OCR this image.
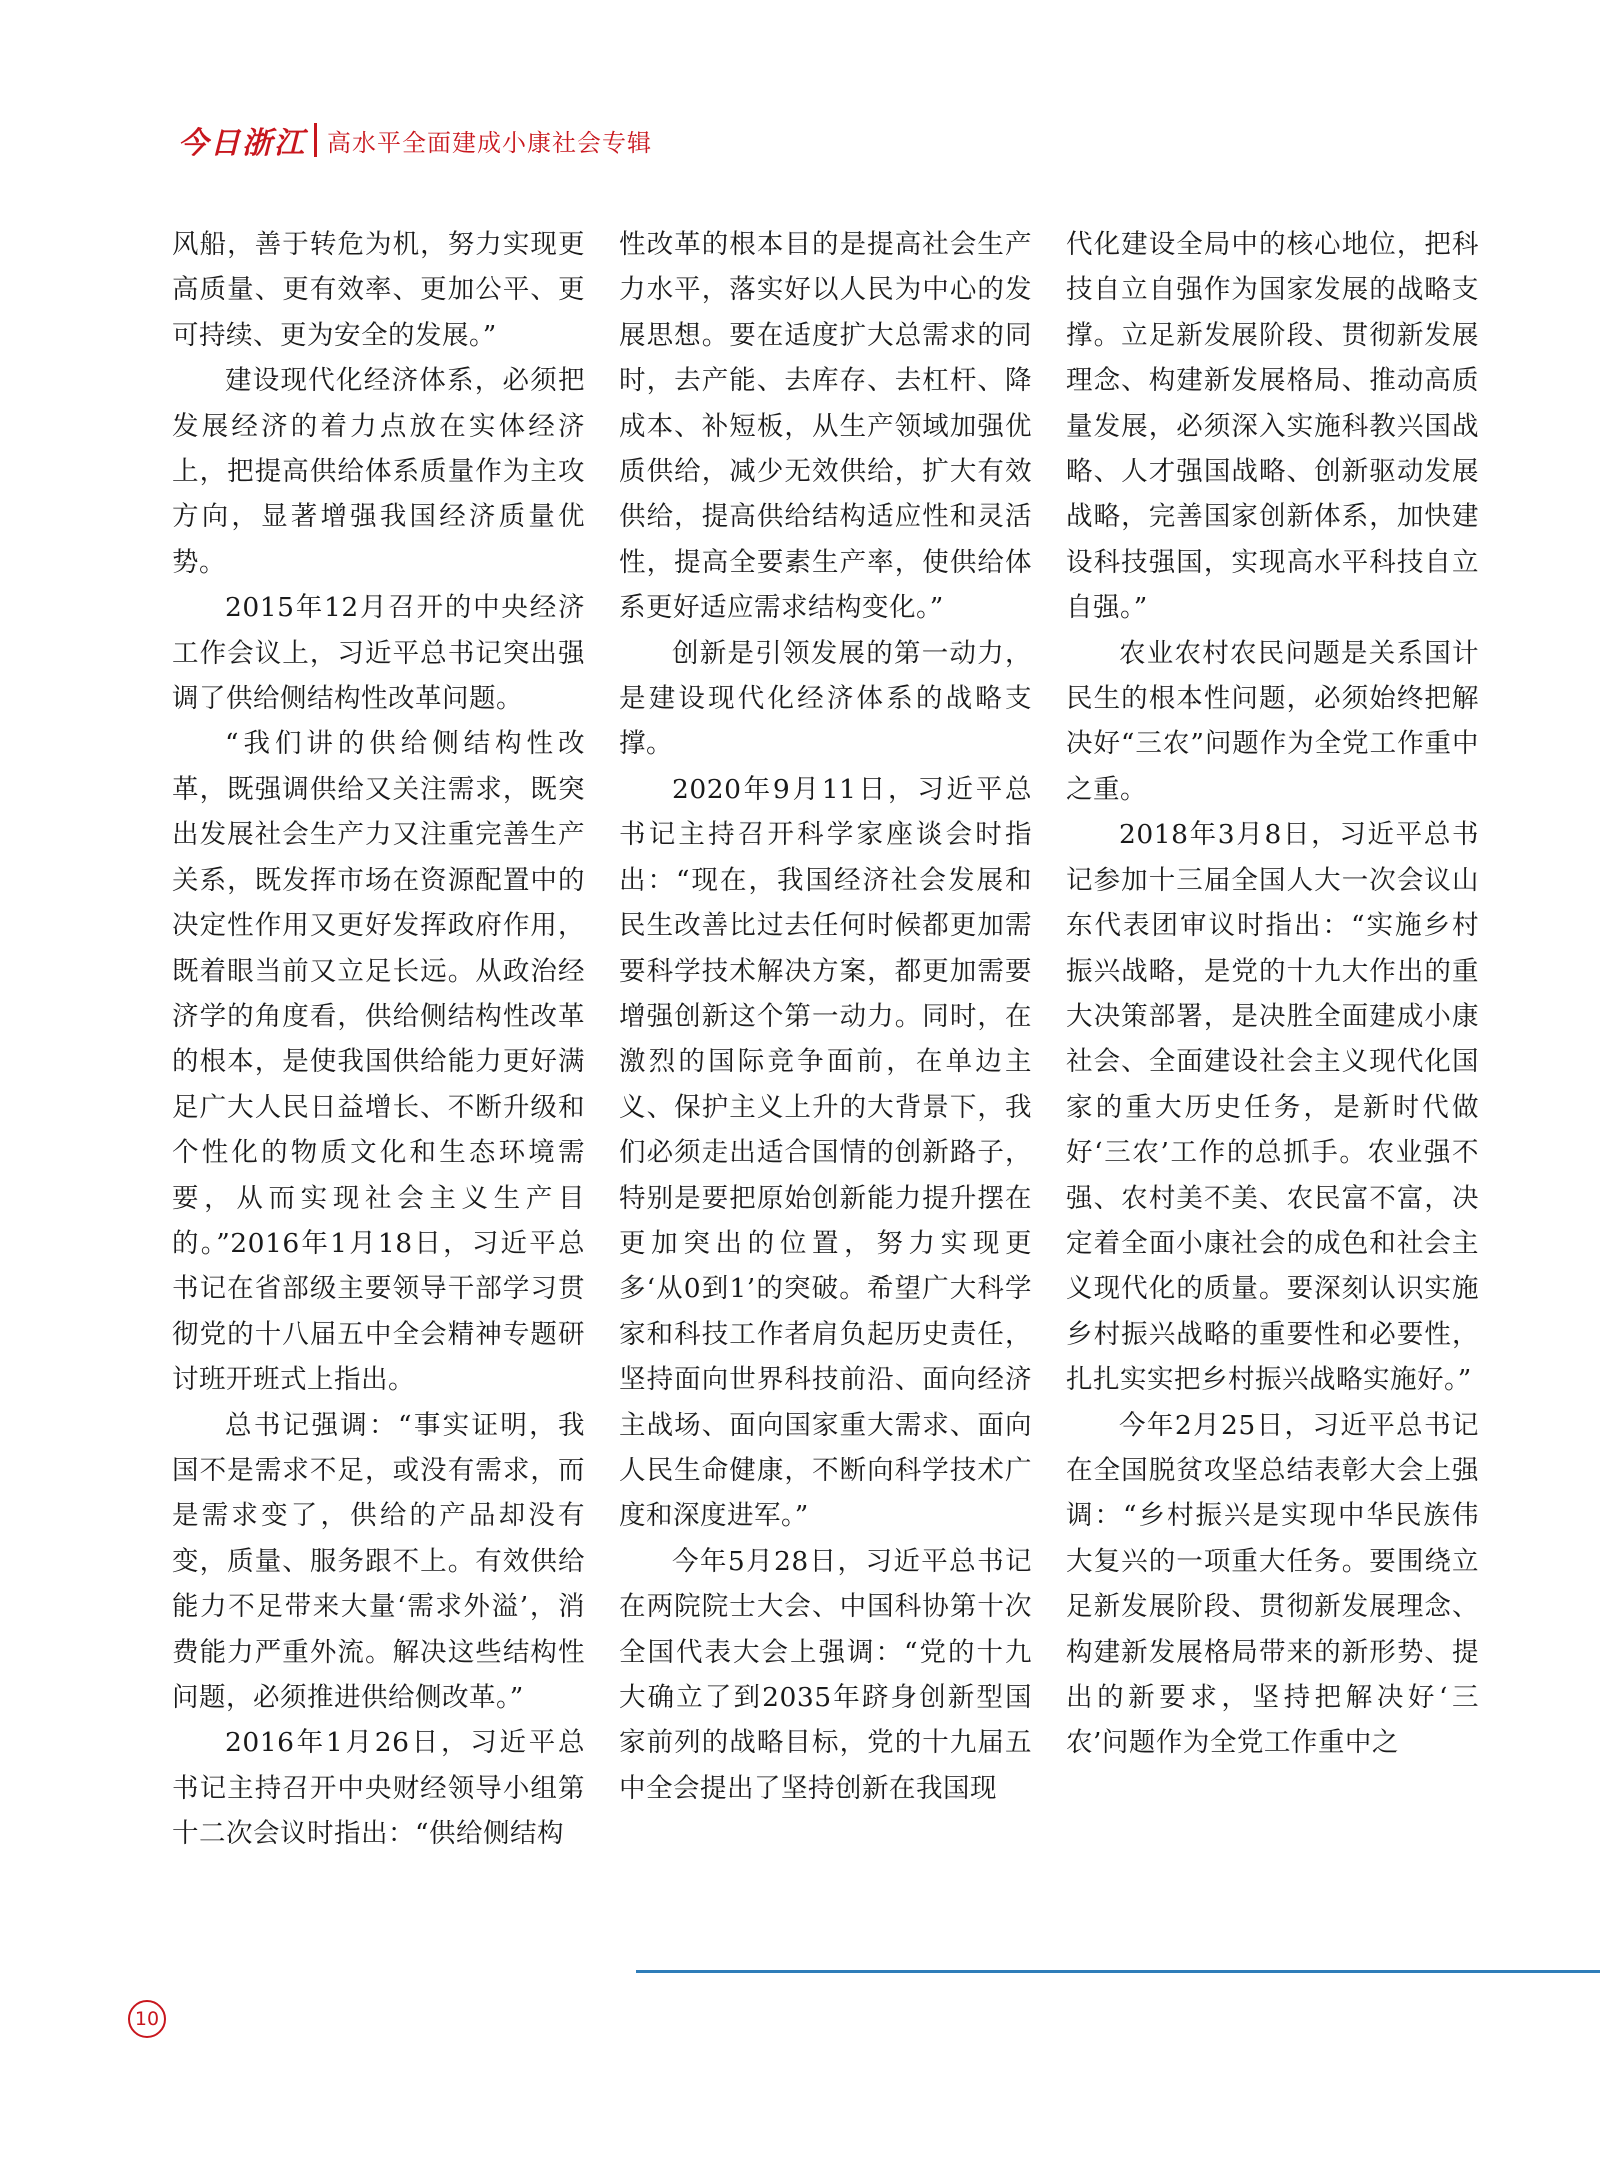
今日浙江 高水平全面建成小康社会专辑

风船，善于转危为机，努力实现更高质量、更有效率、更加公平、更可持续、更为安全的发展。”

建设现代化经济体系，必须把发展经济的着力点放在实体经济上，把提高供给体系质量作为主攻方向，显著增强我国经济质量优势。

2015年12月召开的中央经济工作会议上，习近平总书记突出强调了供给侧结构性改革问题。

“我们讲的供给侧结构性改革，既强调供给又关注需求，既突出发展社会生产力又注重完善生产关系，既发挥市场在资源配置中的决定性作用又更好发挥政府作用，既着眼当前又立足长远。从政治经济学的角度看，供给侧结构性改革的根本，是使我国供给能力更好满足广大人民日益增长、不断升级和个性化的物质文化和生态环境需要，从而实现社会主义生产目的。”2016年1月18日，习近平总书记在省部级主要领导干部学习贯彻党的十八届五中全会精神专题研讨班开班式上指出。

总书记强调：“事实证明，我国不是需求不足，或没有需求，而是需求变了，供给的产品却没有变，质量、服务跟不上。有效供给能力不足带来大量‘需求外溢’，消费能力严重外流。解决这些结构性问题，必须推进供给侧改革。”

2016年1月26日，习近平总书记主持召开中央财经领导小组第十二次会议时指出：“供给侧结构

性改革的根本目的是提高社会生产力水平，落实好以人民为中心的发展思想。要在适度扩大总需求的同时，去产能、去库存、去杠杆、降成本、补短板，从生产领域加强优质供给，减少无效供给，扩大有效供给，提高供给结构适应性和灵活性，提高全要素生产率，使供给体系更好适应需求结构变化。”

创新是引领发展的第一动力，是建设现代化经济体系的战略支撑。

2020年9月11日，习近平总书记主持召开科学家座谈会时指出：“现在，我国经济社会发展和民生改善比过去任何时候都更加需要科学技术解决方案，都更加需要增强创新这个第一动力。同时，在激烈的国际竞争面前，在单边主义、保护主义上升的大背景下，我们必须走出适合国情的创新路子，特别是要把原始创新能力提升摆在更加突出的位置，努力实现更多‘从0到1’的突破。希望广大科学家和科技工作者肩负起历史责任，坚持面向世界科技前沿、面向经济主战场、面向国家重大需求、面向人民生命健康，不断向科学技术广度和深度进军。”

今年5月28日，习近平总书记在两院院士大会、中国科协第十次全国代表大会上强调：“党的十九大确立了到2035年跻身创新型国家前列的战略目标，党的十九届五中全会提出了坚持创新在我国现

代化建设全局中的核心地位，把科技自立自强作为国家发展的战略支撑。立足新发展阶段、贯彻新发展理念、构建新发展格局、推动高质量发展，必须深入实施科教兴国战略、人才强国战略、创新驱动发展战略，完善国家创新体系，加快建设科技强国，实现高水平科技自立自强。”

农业农村农民问题是关系国计民生的根本性问题，必须始终把解决好“三农”问题作为全党工作重中之重。

2018年3月8日，习近平总书记参加十三届全国人大一次会议山东代表团审议时指出：“实施乡村振兴战略，是党的十九大作出的重大决策部署，是决胜全面建成小康社会、全面建设社会主义现代化国家的重大历史任务，是新时代做好‘三农’工作的总抓手。农业强不强、农村美不美、农民富不富，决定着全面小康社会的成色和社会主义现代化的质量。要深刻认识实施乡村振兴战略的重要性和必要性，扎扎实实把乡村振兴战略实施好。”

今年2月25日，习近平总书记在全国脱贫攻坚总结表彰大会上强调：“乡村振兴是实现中华民族伟大复兴的一项重大任务。要围绕立足新发展阶段、贯彻新发展理念、构建新发展格局带来的新形势、提出的新要求，坚持把解决好‘三农’问题作为全党工作重中之

10
